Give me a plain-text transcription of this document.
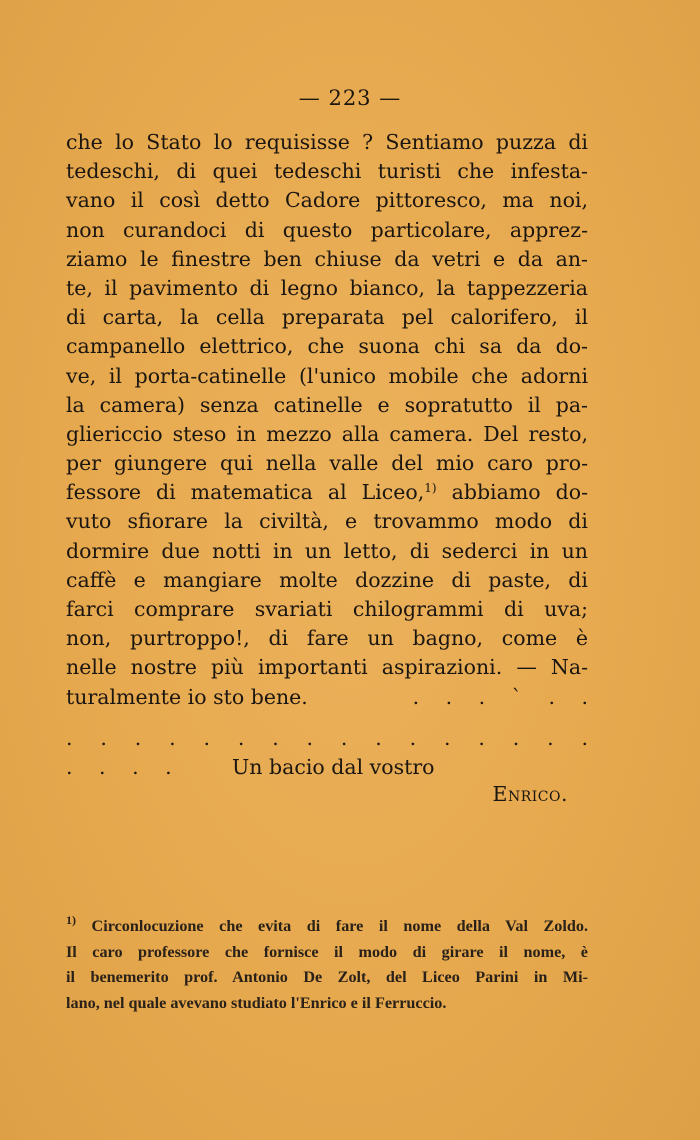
— 223 —
che lo Stato lo requisisse ? Sentiamo puzza di
tedeschi, di quei tedeschi turisti che infesta-
vano il così detto Cadore pittoresco, ma noi,
non curandoci di questo particolare, apprez-
ziamo le finestre ben chiuse da vetri e da an-
te, il pavimento di legno bianco, la tappezzeria
di carta, la cella preparata pel calorifero, il
campanello elettrico, che suona chi sa da do-
ve, il porta-catinelle (l'unico mobile che adorni
la camera) senza catinelle e sopratutto il pa-
gliericcio steso in mezzo alla camera. Del resto,
per giungere qui nella valle del mio caro pro-
fessore di matematica al Liceo,$^{1)}$ abbiamo do-
vuto sfiorare la civiltà, e trovammo modo di
dormire due notti in un letto, di sederci in un
caffè e mangiare molte dozzine di paste, di
farci comprare svariati chilogrammi di uva;
non, purtroppo!, di fare un bagno, come è
nelle nostre più importanti aspirazioni. — Na-
turalmente io sto bene.	. . . ` . .
. . . . . . . . . . . . . . . .
. . . .	Un bacio dal vostro
Enrico.
$^{1)}$ Circonlocuzione che evita di fare il nome della Val Zoldo.
Il caro professore che fornisce il modo di girare il nome, è
il benemerito prof. Antonio De Zolt, del Liceo Parini in Mi-
lano, nel quale avevano studiato l'Enrico e il Ferruccio.
